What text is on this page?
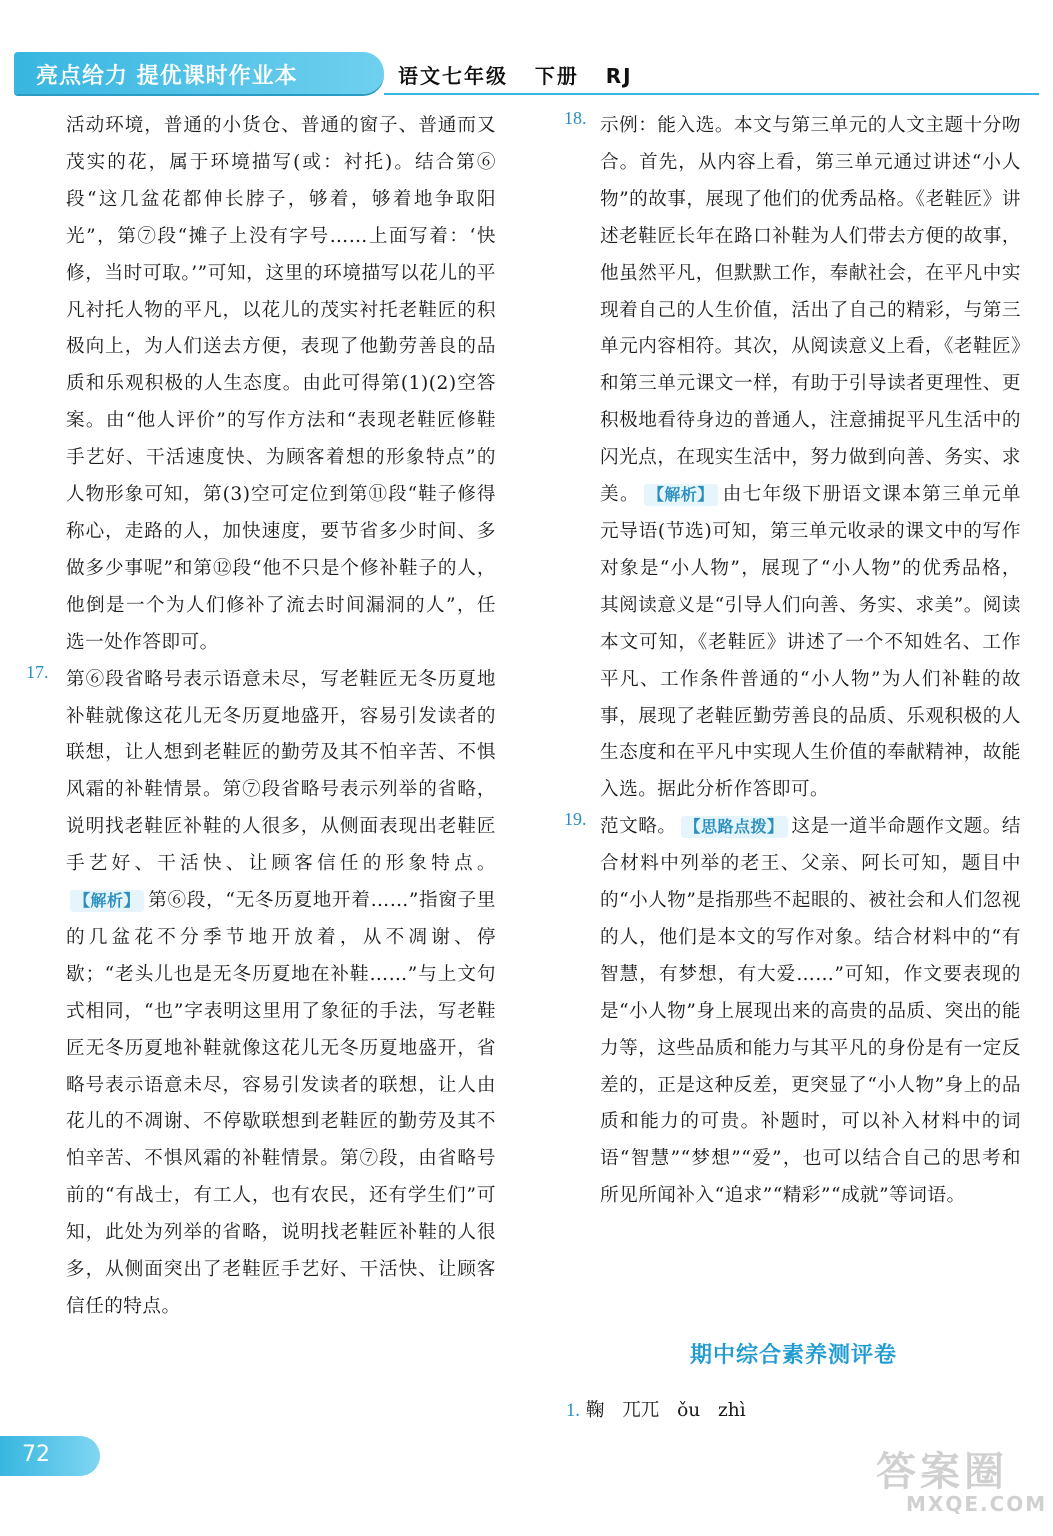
亮点给力 提优课时作业本	语文七年级   下册   RJ
活动环境，普通的小货仓、普通的窗子、普通而又茂实的花，属于环境描写(或：衬托)。结合第⑥段“这几盆花都伸长脖子，够着，够着地争取阳光”，第⑦段“摊子上没有字号……上面写着：‘快修，当时可取。’”可知，这里的环境描写以花儿的平凡衬托人物的平凡，以花儿的茂实衬托老鞋匠的积极向上，为人们送去方便，表现了他勤劳善良的品质和乐观积极的人生态度。由此可得第(1)(2)空答案。由“他人评价”的写作方法和“表现老鞋匠修鞋手艺好、干活速度快、为顾客着想的形象特点”的人物形象可知，第(3)空可定位到第⑪段“鞋子修得称心，走路的人，加快速度，要节省多少时间、多做多少事呢”和第⑫段“他不只是个修补鞋子的人，他倒是一个为人们修补了流去时间漏洞的人”，任选一处作答即可。
17. 第⑥段省略号表示语意未尽，写老鞋匠无冬历夏地补鞋就像这花儿无冬历夏地盛开，容易引发读者的联想，让人想到老鞋匠的勤劳及其不怕辛苦、不惧风霜的补鞋情景。第⑦段省略号表示列举的省略，说明找老鞋匠补鞋的人很多，从侧面表现出老鞋匠手艺好、干活快、让顾客信任的形象特点。【解析】 第⑥段，“无冬历夏地开着……”指窗子里的几盆花不分季节地开放着，从不凋谢、停歇；“老头儿也是无冬历夏地在补鞋……”与上文句式相同，“也”字表明这里用了象征的手法，写老鞋匠无冬历夏地补鞋就像这花儿无冬历夏地盛开，省略号表示语意未尽，容易引发读者的联想，让人由花儿的不凋谢、不停歇联想到老鞋匠的勤劳及其不怕辛苦、不惧风霜的补鞋情景。第⑦段，由省略号前的“有战士，有工人，也有农民，还有学生们”可知，此处为列举的省略，说明找老鞋匠补鞋的人很多，从侧面突出了老鞋匠手艺好、干活快、让顾客信任的特点。
18. 示例：能入选。本文与第三单元的人文主题十分吻合。首先，从内容上看，第三单元通过讲述“小人物”的故事，展现了他们的优秀品格。《老鞋匠》讲述老鞋匠长年在路口补鞋为人们带去方便的故事，他虽然平凡，但默默工作，奉献社会，在平凡中实现着自己的人生价值，活出了自己的精彩，与第三单元内容相符。其次，从阅读意义上看，《老鞋匠》和第三单元课文一样，有助于引导读者更理性、更积极地看待身边的普通人，注意捕捉平凡生活中的闪光点，在现实生活中，努力做到向善、务实、求美。 【解析】 由七年级下册语文课本第三单元单元导语(节选)可知，第三单元收录的课文中的写作对象是“小人物”，展现了“小人物”的优秀品格，其阅读意义是“引导人们向善、务实、求美”。阅读本文可知，《老鞋匠》讲述了一个不知姓名、工作平凡、工作条件普通的“小人物”为人们补鞋的故事，展现了老鞋匠勤劳善良的品质、乐观积极的人生态度和在平凡中实现人生价值的奉献精神，故能入选。据此分析作答即可。
19. 范文略。 【思路点拨】 这是一道半命题作文题。结合材料中列举的老王、父亲、阿长可知，题目中的“小人物”是指那些不起眼的、被社会和人们忽视的人，他们是本文的写作对象。结合材料中的“有智慧，有梦想，有大爱……”可知，作文要表现的是“小人物”身上展现出来的高贵的品质、突出的能力等，这些品质和能力与其平凡的身份是有一定反差的，正是这种反差，更突显了“小人物”身上的品质和能力的可贵。补题时，可以补入材料中的词语“智慧”“梦想”“爱”，也可以结合自己的思考和所见所闻补入“追求”“精彩”“成就”等词语。
期中综合素养测评卷
1. 鞠   兀兀   ǒu   zhì
72	答案圈
MXQE.COM
